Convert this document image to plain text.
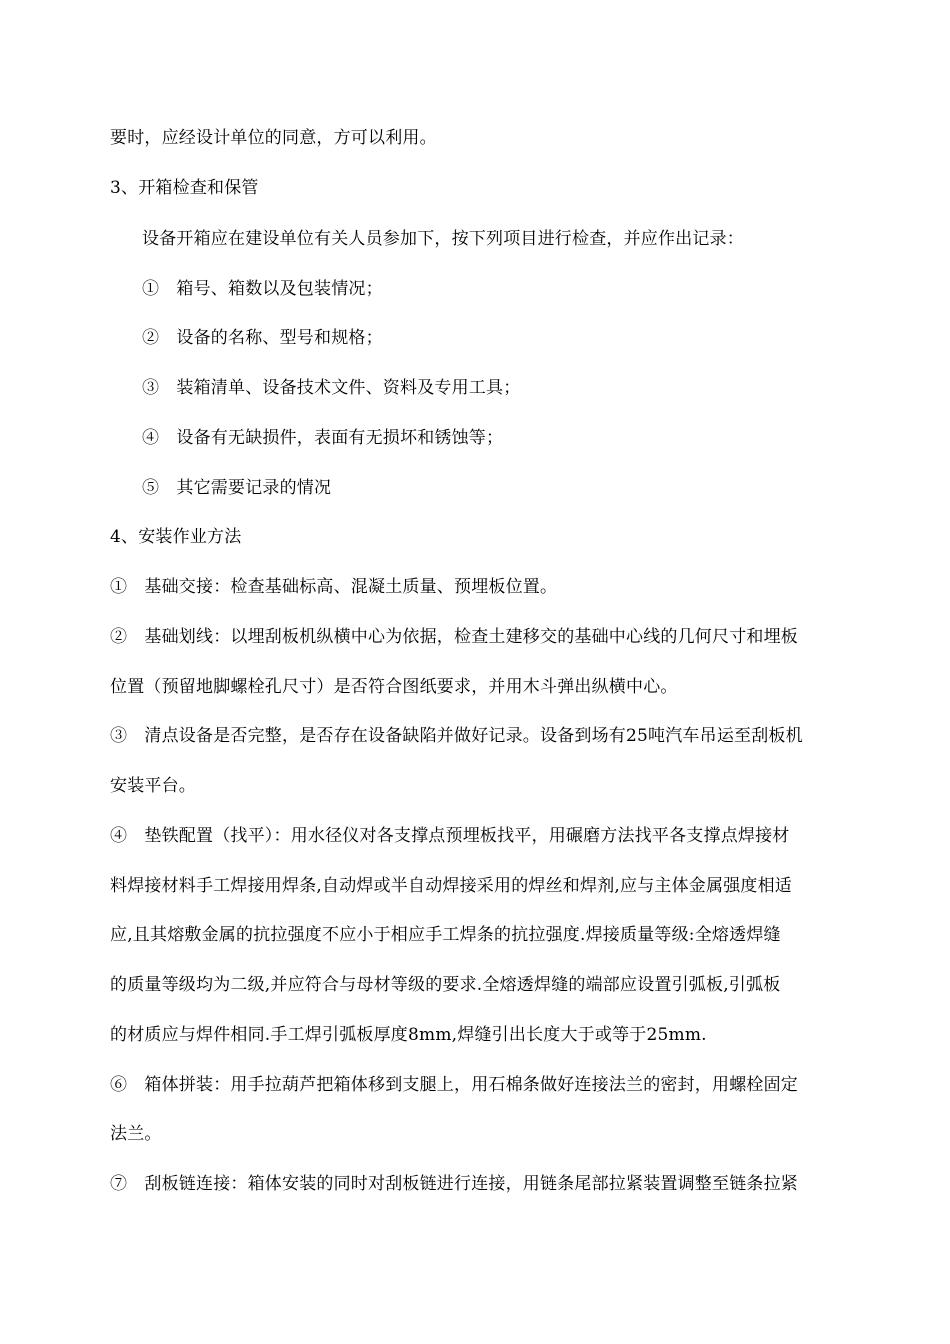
要时，应经设计单位的同意，方可以利用。
3、开箱检查和保管
设备开箱应在建设单位有关人员参加下，按下列项目进行检查，并应作出记录：
①　箱号、箱数以及包装情况；
②　设备的名称、型号和规格；
③　装箱清单、设备技术文件、资料及专用工具；
④　设备有无缺损件，表面有无损坏和锈蚀等；
⑤　其它需要记录的情况
4、安装作业方法
①　基础交接：检查基础标高、混凝土质量、预埋板位置。
②　基础划线：以埋刮板机纵横中心为依据，检查土建移交的基础中心线的几何尺寸和埋板
位置（预留地脚螺栓孔尺寸）是否符合图纸要求，并用木斗弹出纵横中心。
③　清点设备是否完整，是否存在设备缺陷并做好记录。设备到场有25吨汽车吊运至刮板机
安装平台。
④　垫铁配置（找平）：用水径仪对各支撑点预埋板找平，用碾磨方法找平各支撑点焊接材
料焊接材料手工焊接用焊条,自动焊或半自动焊接采用的焊丝和焊剂,应与主体金属强度相适
应,且其熔敷金属的抗拉强度不应小于相应手工焊条的抗拉强度.焊接质量等级:全熔透焊缝
的质量等级均为二级,并应符合与母材等级的要求.全熔透焊缝的端部应设置引弧板,引弧板
的材质应与焊件相同.手工焊引弧板厚度8mm,焊缝引出长度大于或等于25mm.
⑥　箱体拼装：用手拉葫芦把箱体移到支腿上，用石棉条做好连接法兰的密封，用螺栓固定
法兰。
⑦　刮板链连接：箱体安装的同时对刮板链进行连接，用链条尾部拉紧装置调整至链条拉紧
